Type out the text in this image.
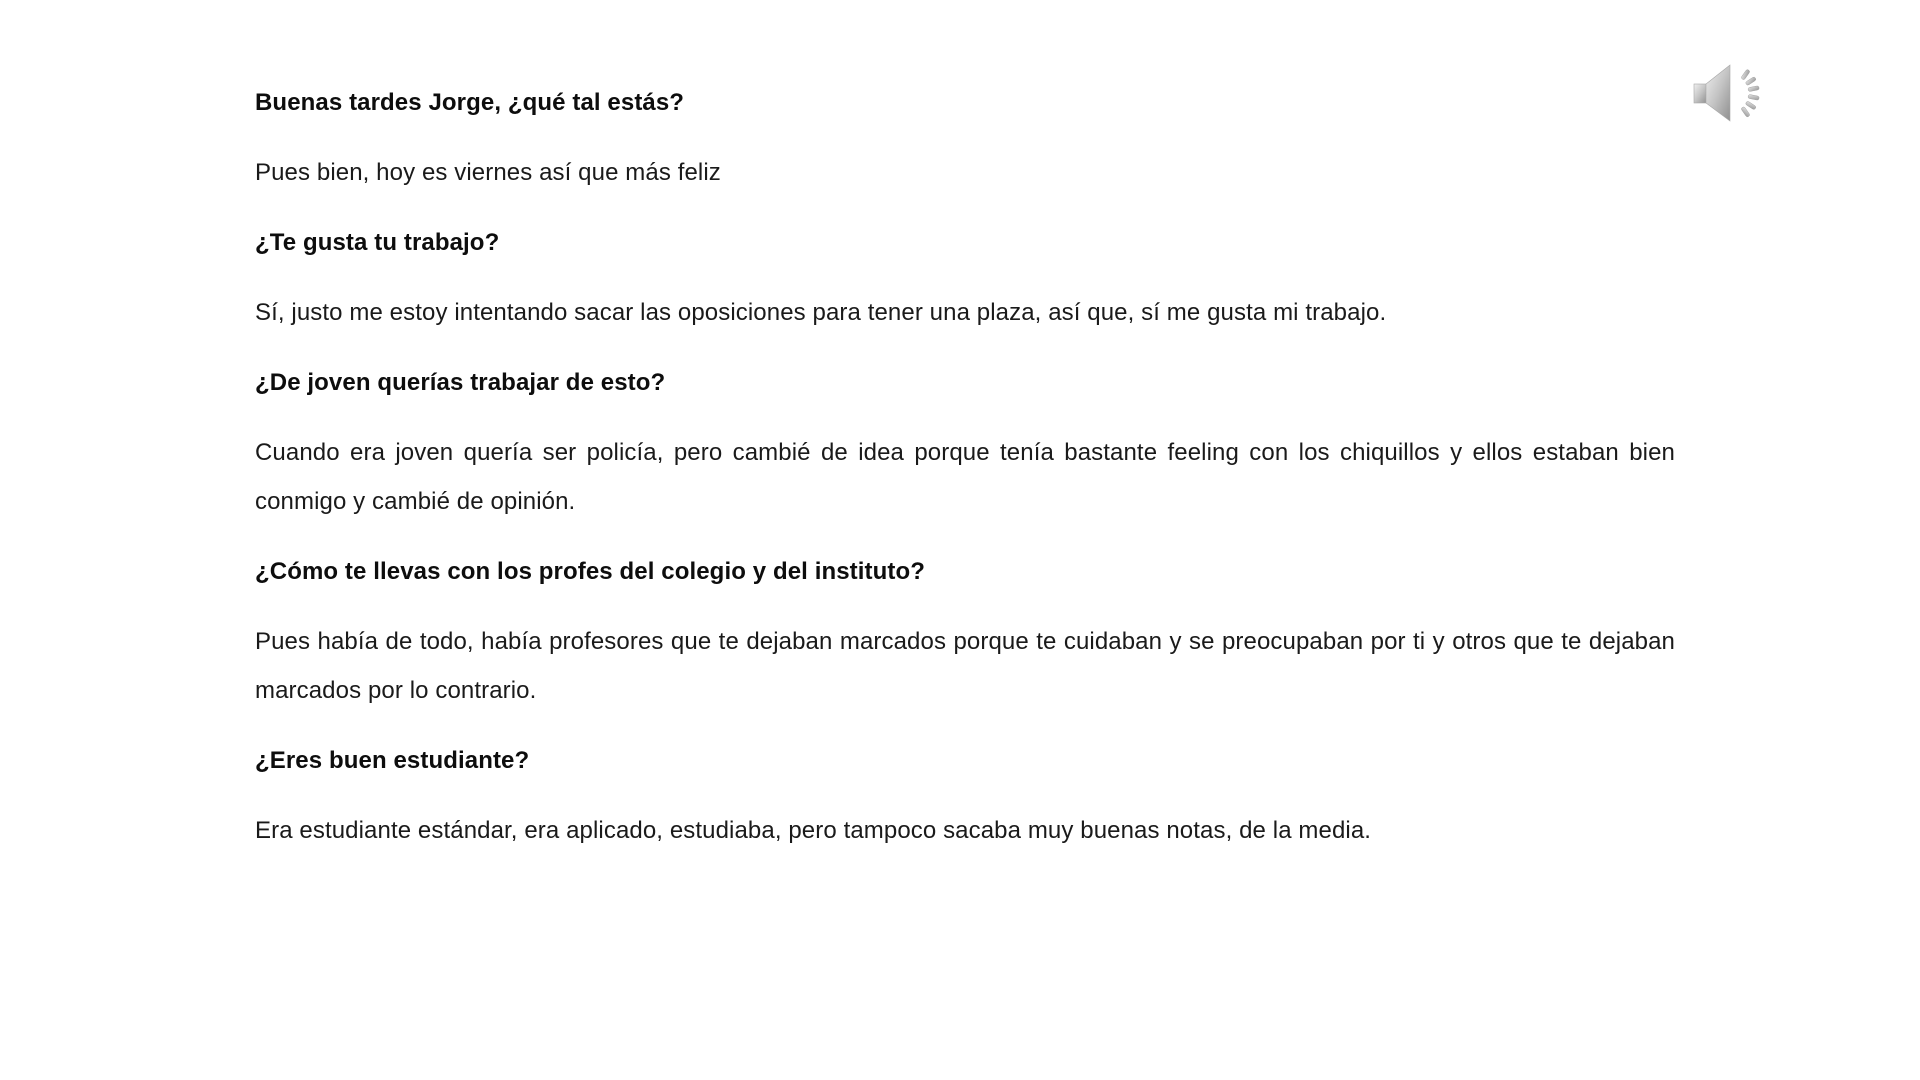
Buenas tardes Jorge, ¿qué tal estás?

Pues bien, hoy es viernes así que más feliz

¿Te gusta tu trabajo?

Sí, justo me estoy intentando sacar las oposiciones para tener una plaza, así que, sí me gusta mi trabajo.

¿De joven querías trabajar de esto?

Cuando era joven quería ser policía, pero cambié de idea porque tenía bastante feeling con los chiquillos y ellos estaban bien conmigo y cambié de opinión.

¿Cómo te llevas con los profes del colegio y del instituto?

Pues había de todo, había profesores que te dejaban marcados porque te cuidaban y se preocupaban por ti y otros que te dejaban marcados por lo contrario.

¿Eres buen estudiante?

Era estudiante estándar, era aplicado, estudiaba, pero tampoco sacaba muy buenas notas, de la media.
